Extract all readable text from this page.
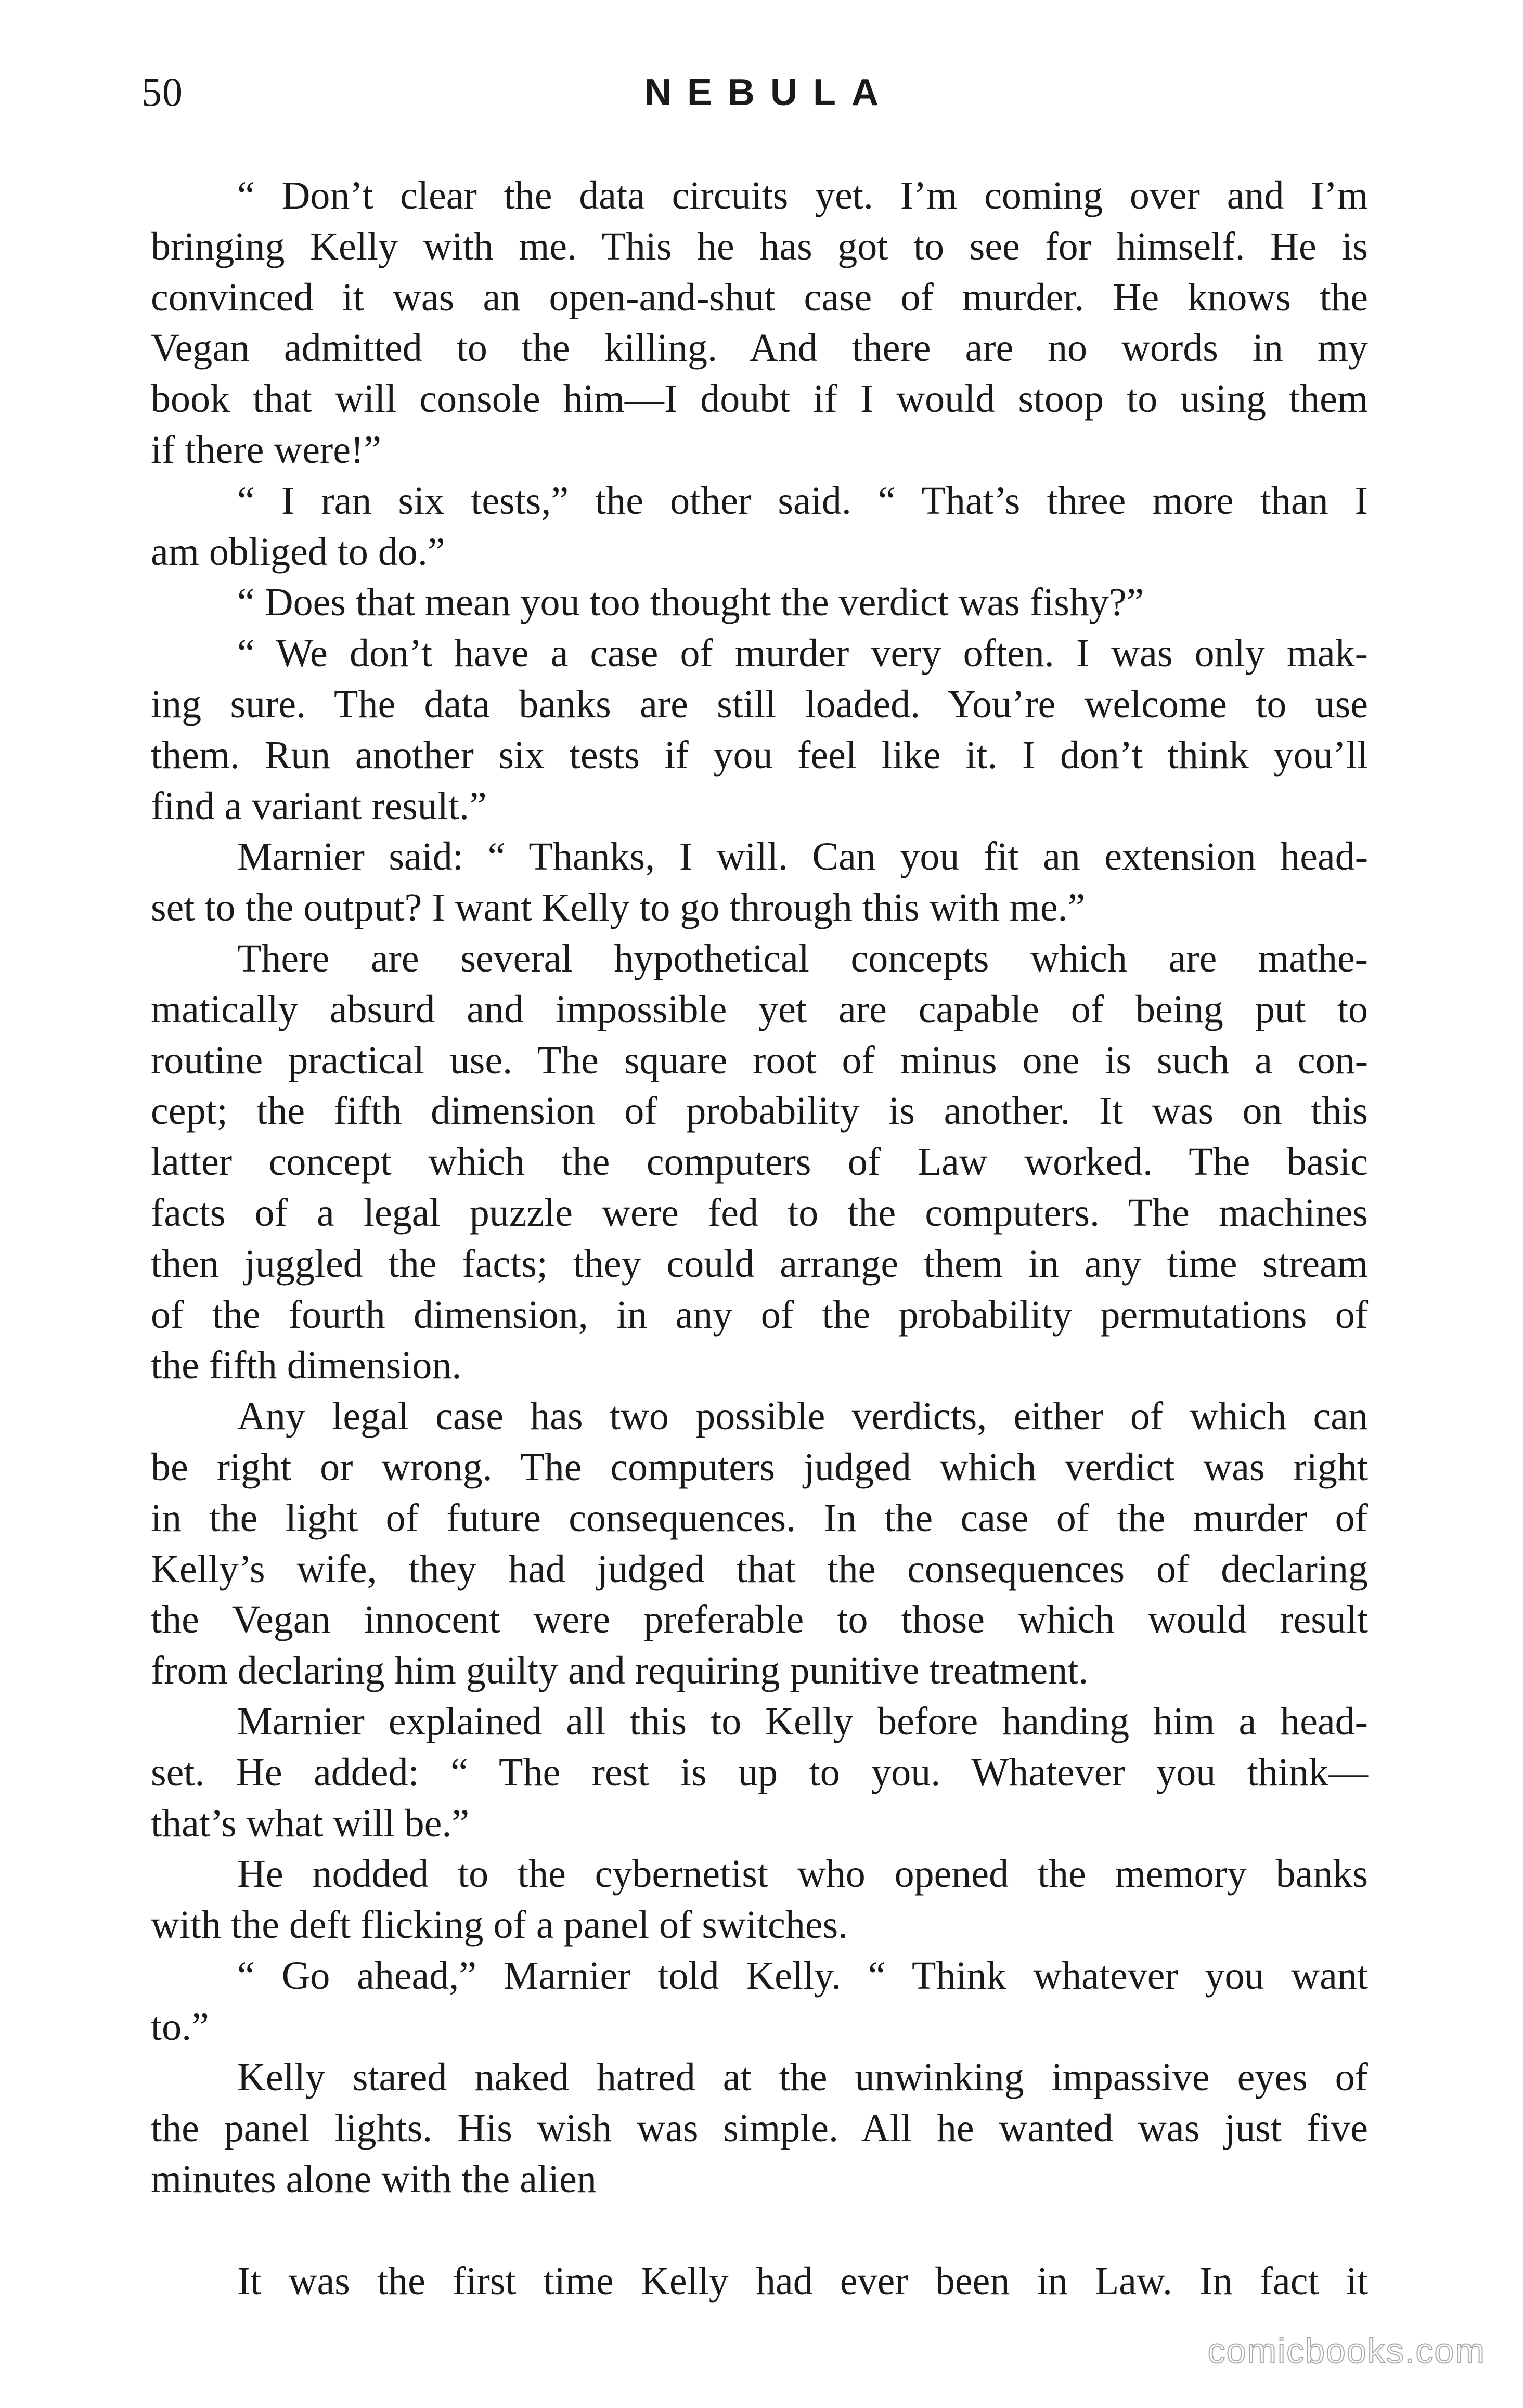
50	NEBULA
“ Don’t clear the data circuits yet. I’m coming over and I’m
bringing Kelly with me. This he has got to see for himself. He is
convinced it was an open-and-shut case of murder. He knows the
Vegan admitted to the killing. And there are no words in my
book that will console him—I doubt if I would stoop to using them
if there were!”
“ I ran six tests,” the other said. “ That’s three more than I
am obliged to do.”
“ Does that mean you too thought the verdict was fishy?”
“ We don’t have a case of murder very often. I was only mak-
ing sure. The data banks are still loaded. You’re welcome to use
them. Run another six tests if you feel like it. I don’t think you’ll
find a variant result.”
Marnier said: “ Thanks, I will. Can you fit an extension head-
set to the output? I want Kelly to go through this with me.”
There are several hypothetical concepts which are mathe-
matically absurd and impossible yet are capable of being put to
routine practical use. The square root of minus one is such a con-
cept; the fifth dimension of probability is another. It was on this
latter concept which the computers of Law worked. The basic
facts of a legal puzzle were fed to the computers. The machines
then juggled the facts; they could arrange them in any time stream
of the fourth dimension, in any of the probability permutations of
the fifth dimension.
Any legal case has two possible verdicts, either of which can
be right or wrong. The computers judged which verdict was right
in the light of future consequences. In the case of the murder of
Kelly’s wife, they had judged that the consequences of declaring
the Vegan innocent were preferable to those which would result
from declaring him guilty and requiring punitive treatment.
Marnier explained all this to Kelly before handing him a head-
set. He added: “ The rest is up to you. Whatever you think—
that’s what will be.”
He nodded to the cybernetist who opened the memory banks
with the deft flicking of a panel of switches.
“ Go ahead,” Marnier told Kelly. “ Think whatever you want
to.”
Kelly stared naked hatred at the unwinking impassive eyes of
the panel lights. His wish was simple. All he wanted was just five
minutes alone with the alien
It was the first time Kelly had ever been in Law. In fact it
comicbooks.com
